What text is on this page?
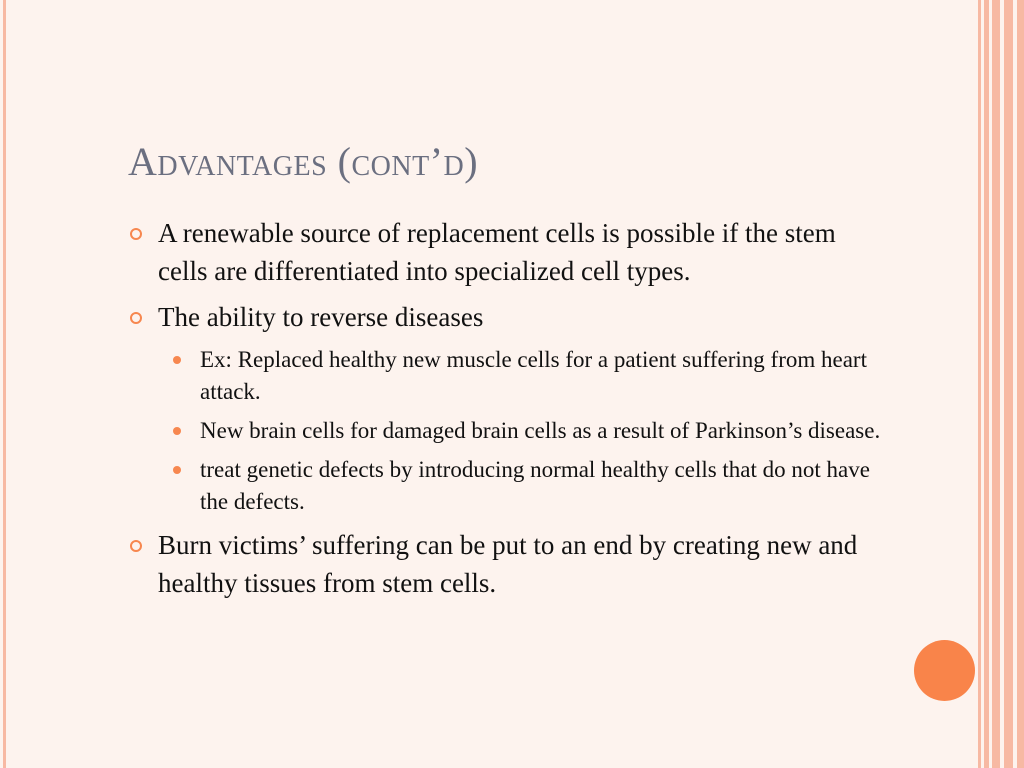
Advantages (cont’d)
A renewable source of replacement cells is possible if the stem cells are differentiated into specialized cell types.
The ability to reverse diseases
Ex: Replaced healthy new muscle cells for a patient suffering from heart attack.
New brain cells for damaged brain cells as a result of Parkinson’s disease.
treat genetic defects by introducing normal healthy cells that do not have the defects.
Burn victims’ suffering can be put to an end by creating new and healthy tissues from stem cells.
